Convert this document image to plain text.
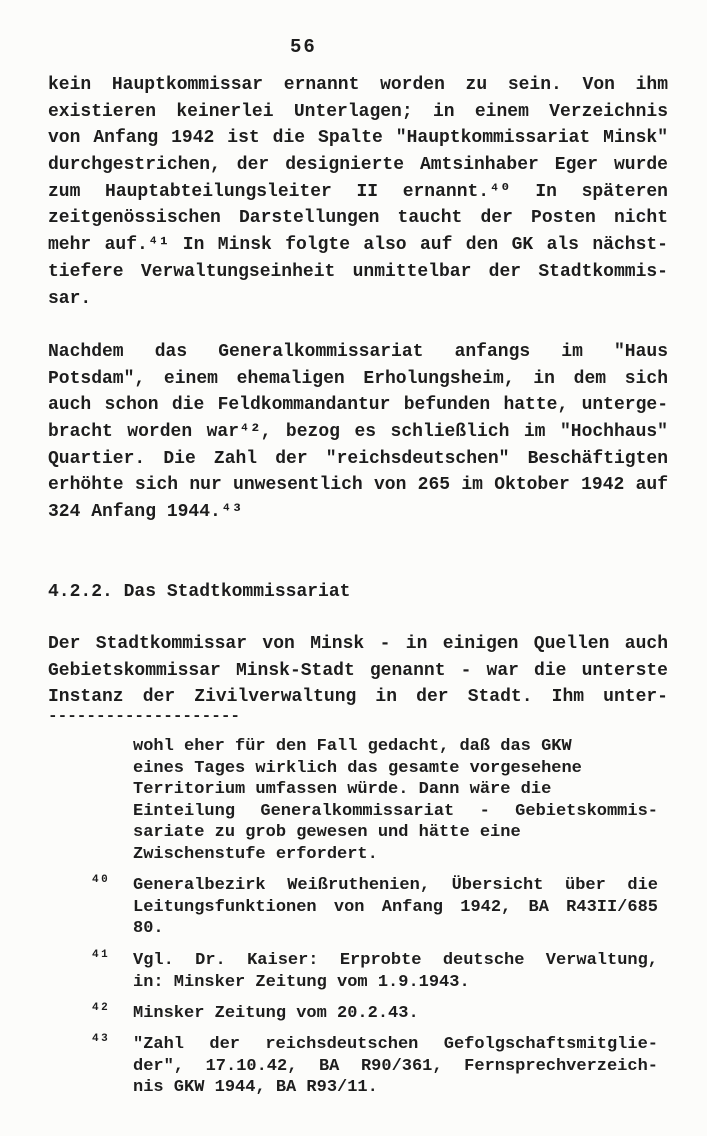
56
kein Hauptkommissar ernannt worden zu sein. Von ihm
existieren keinerlei Unterlagen; in einem Verzeichnis
von Anfang 1942 ist die Spalte "Hauptkommissariat Minsk"
durchgestrichen, der designierte Amtsinhaber Eger wurde
zum Hauptabteilungsleiter II ernannt.⁴⁰ In späteren
zeitgenössischen Darstellungen taucht der Posten nicht
mehr auf.⁴¹ In Minsk folgte also auf den GK als nächst-
tiefere Verwaltungseinheit unmittelbar der Stadtkommis-
sar.
Nachdem das Generalkommissariat anfangs im "Haus
Potsdam", einem ehemaligen Erholungsheim, in dem sich
auch schon die Feldkommandantur befunden hatte, unterge-
bracht worden war⁴², bezog es schließlich im "Hochhaus"
Quartier. Die Zahl der "reichsdeutschen" Beschäftigten
erhöhte sich nur unwesentlich von 265 im Oktober 1942 auf
324 Anfang 1944.⁴³
4.2.2. Das Stadtkommissariat
Der Stadtkommissar von Minsk - in einigen Quellen auch
Gebietskommissar Minsk-Stadt genannt - war die unterste
Instanz der Zivilverwaltung in der Stadt. Ihm unter-
--------------------
wohl eher für den Fall gedacht, daß das GKW
eines Tages wirklich das gesamte vorgesehene
Territorium umfassen würde. Dann wäre die
Einteilung Generalkommissariat - Gebietskommis-
sariate zu grob gewesen und hätte eine
Zwischenstufe erfordert.
40 Generalbezirk Weißruthenien, Übersicht über die
Leitungsfunktionen von Anfang 1942, BA R43II/685
80.
41 Vgl. Dr. Kaiser: Erprobte deutsche Verwaltung,
in: Minsker Zeitung vom 1.9.1943.
42 Minsker Zeitung vom 20.2.43.
43 "Zahl der reichsdeutschen Gefolgschaftsmitglie-
der", 17.10.42, BA R90/361, Fernsprechverzeich-
nis GKW 1944, BA R93/11.
